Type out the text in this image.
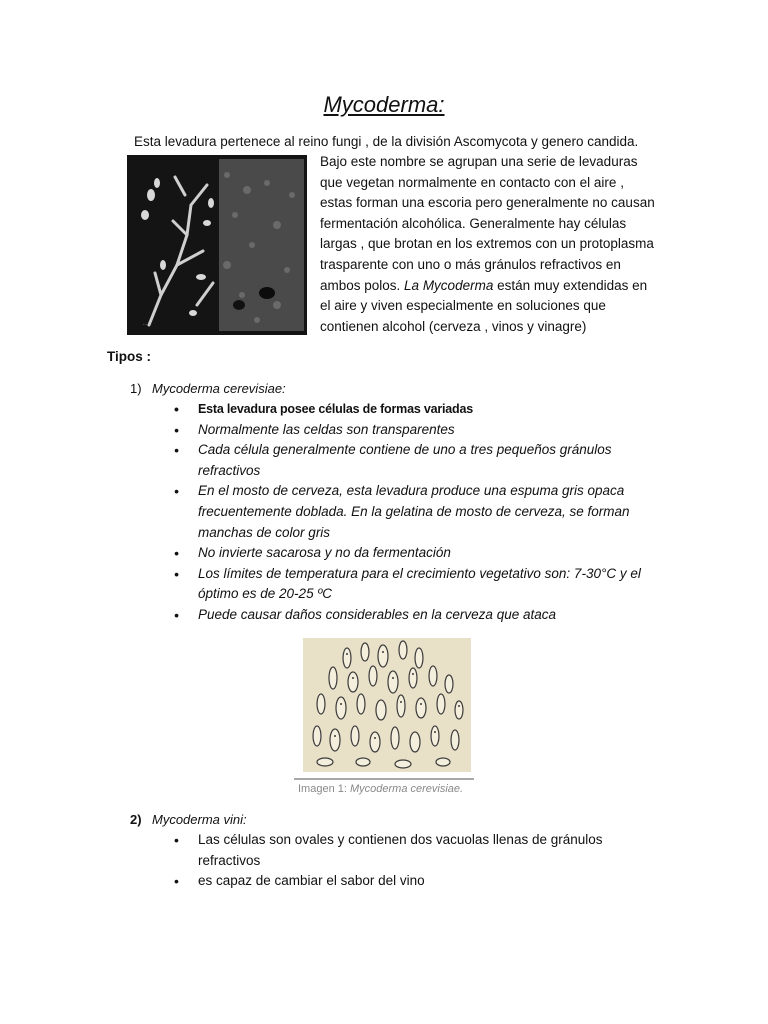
Mycoderma:
Esta levadura pertenece al reino fungi , de la división Ascomycota y genero candida.
...
Bajo este nombre se agrupan una serie de levaduras
que vegetan normalmente en contacto con el aire ,
estas forman una escoria pero generalmente no causan
fermentación alcohólica. Generalmente hay células
largas , que brotan en los extremos con un protoplasma
trasparente con uno o más gránulos refractivos en
ambos polos. La Mycoderma están muy extendidas en
el aire y viven especialmente en soluciones que
contienen alcohol (cerveza , vinos y vinagre)
Tipos :
1) Mycoderma cerevisiae:
• Esta levadura posee células de formas variadas
• Normalmente las celdas son transparentes
• Cada célula generalmente contiene de uno a tres pequeños gránulos refractivos
• En el mosto de cerveza, esta levadura produce una espuma gris opaca frecuentemente doblada. En la gelatina de mosto de cerveza, se forman manchas de color gris
• No invierte sacarosa y no da fermentación
• Los límites de temperatura para el crecimiento vegetativo son: 7-30°C y el óptimo es de 20-25 ºC
• Puede causar daños considerables en la cerveza que ataca
Imagen 1: Mycoderma cerevisiae.
2) Mycoderma vini:
• Las células son ovales y contienen dos vacuolas llenas de gránulos refractivos
• es capaz de cambiar el sabor del vino
